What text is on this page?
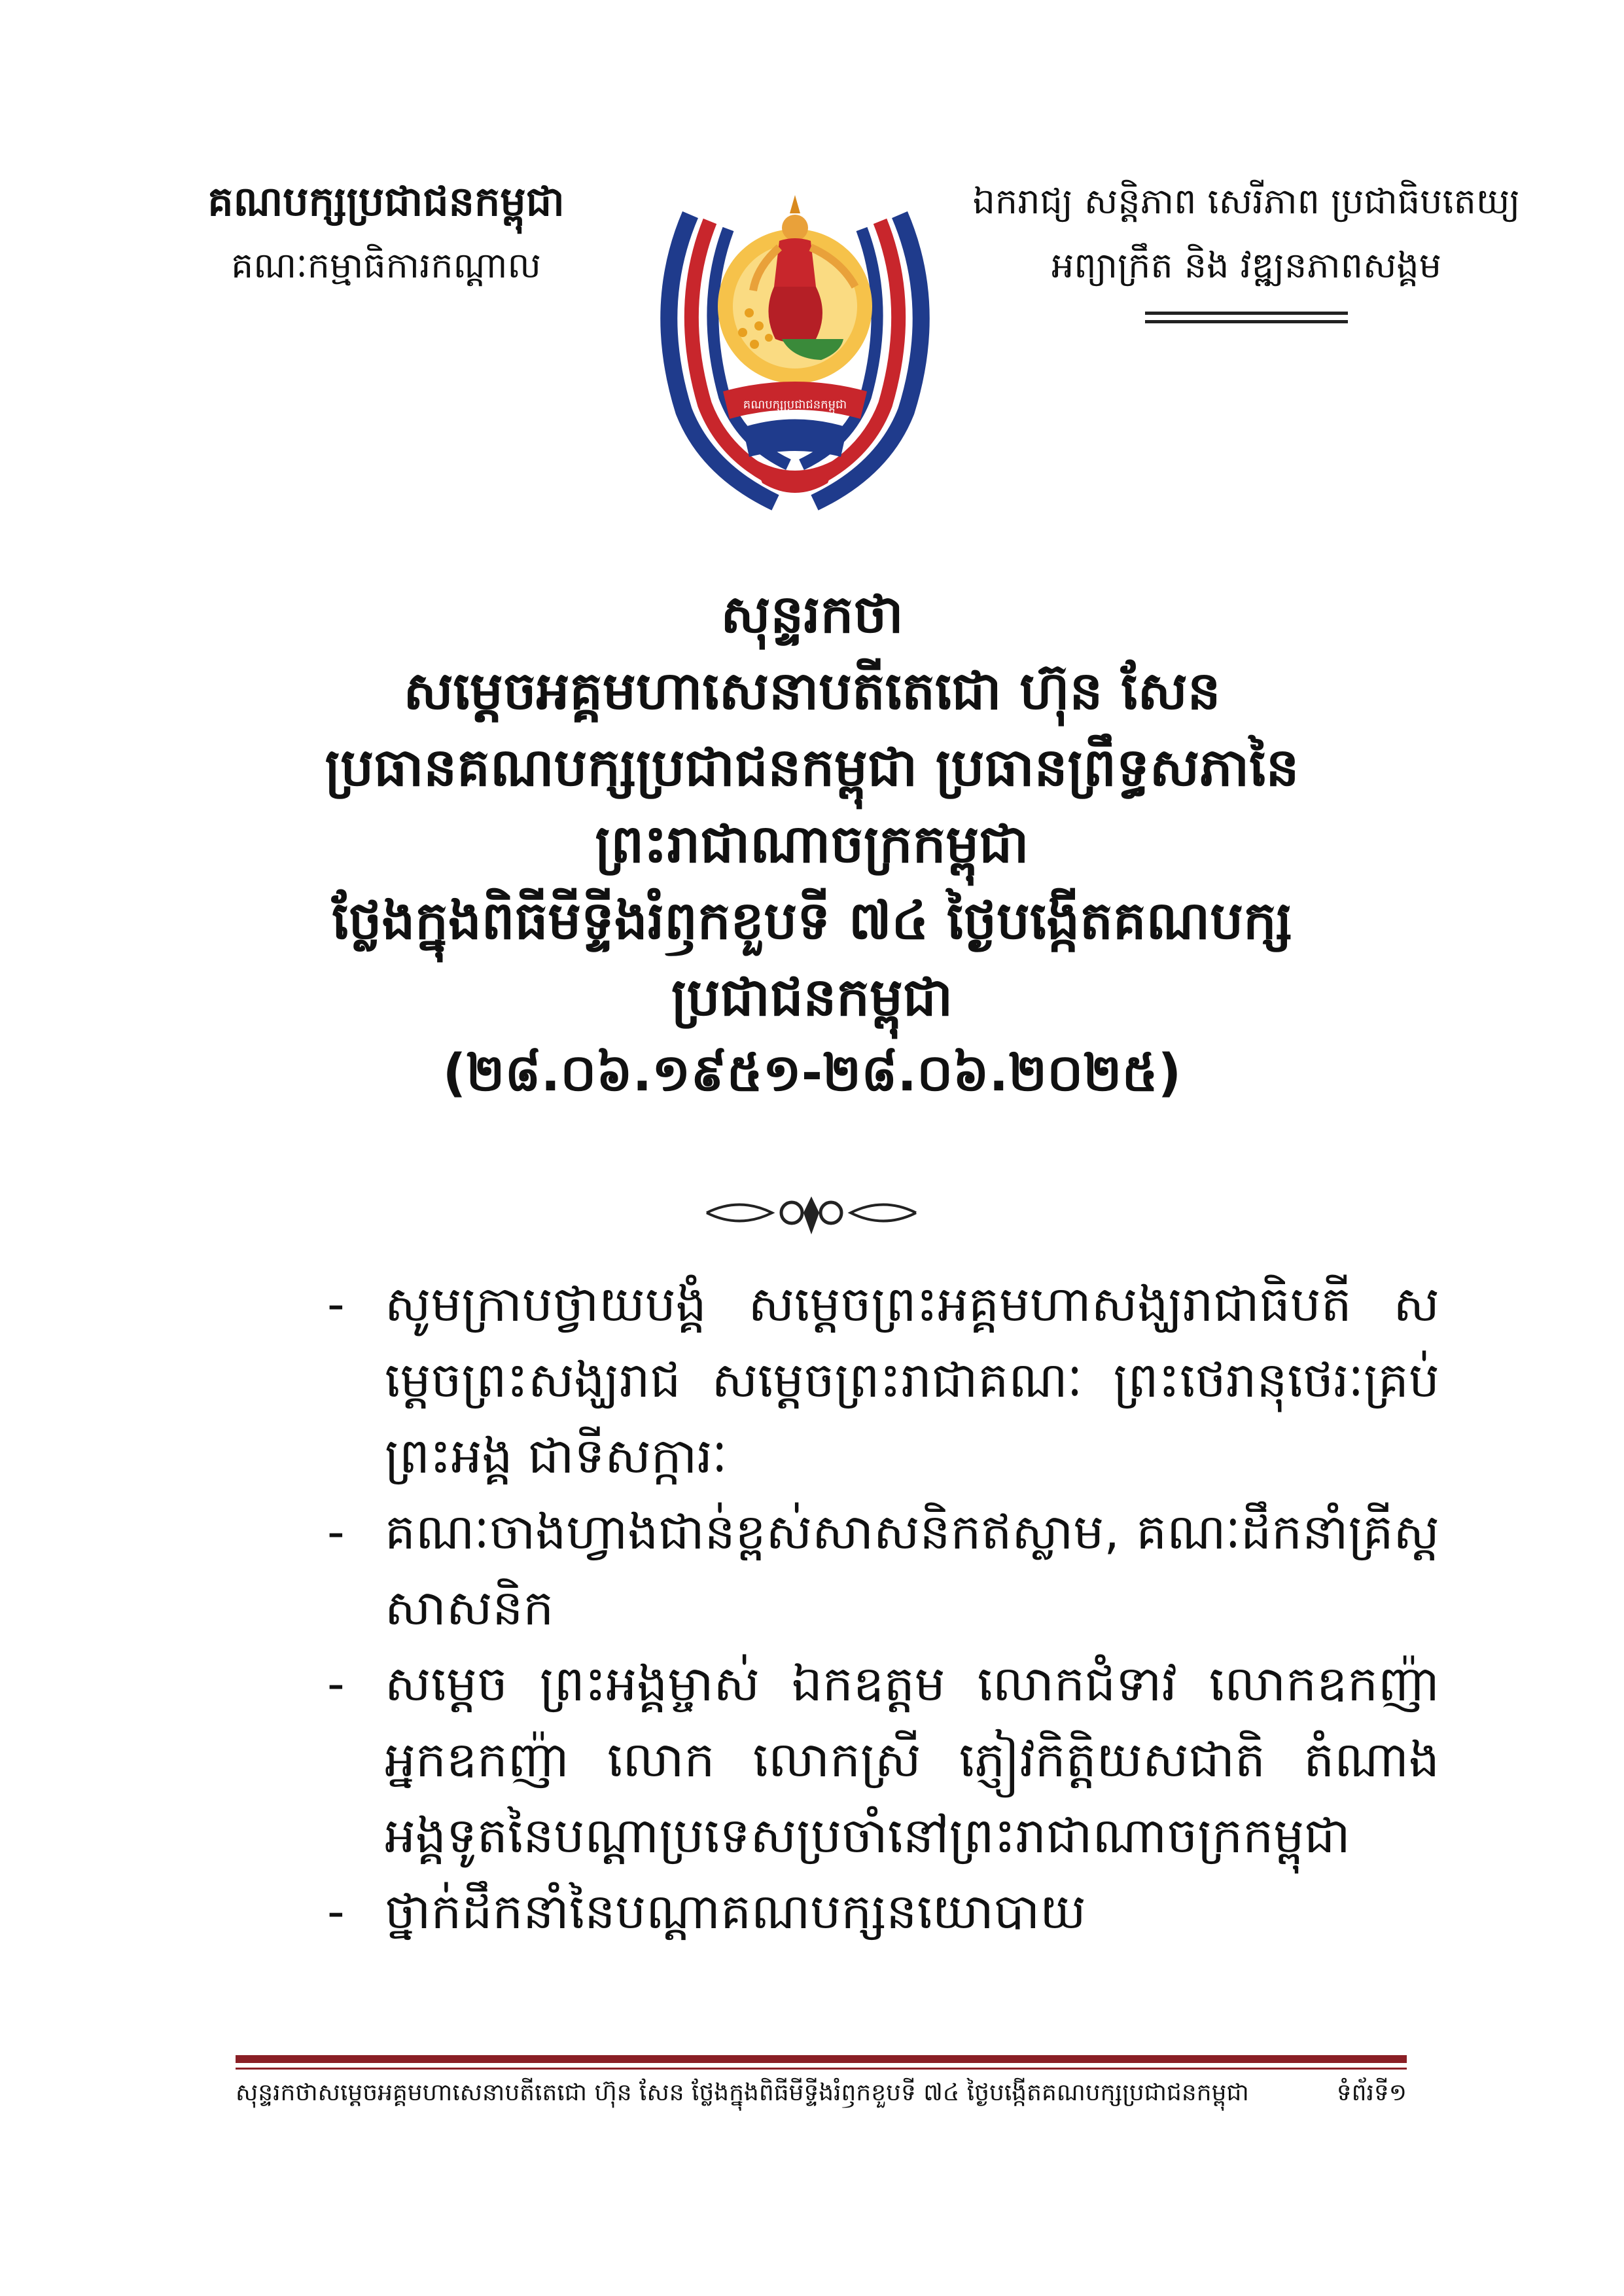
គណបក្សប្រជាជនកម្ពុជា
គណៈកម្មាធិការកណ្តាល
ឯករាជ្យ សន្តិភាព សេរីភាព ប្រជាធិបតេយ្យ
អព្យាក្រឹត និង វឌ្ឍនភាពសង្គម
គណបក្សប្រជាជនកម្ពុជា

សុន្ទរកថា

សម្តេចអគ្គមហាសេនាបតីតេជោ ហ៊ុន សែន

ប្រធានគណបក្សប្រជាជនកម្ពុជា ប្រធានព្រឹទ្ធសភានៃ

ព្រះរាជាណាចក្រកម្ពុជា

ថ្លែងក្នុងពិធីមីទ្ទីងរំឭកខួបទី ៧៤ ថ្ងៃបង្កើតគណបក្ស

ប្រជាជនកម្ពុជា

(២៨.០៦.១៩៥១-២៨.០៦.២០២៥)
- សូមក្រាបថ្វាយបង្គំ សម្តេចព្រះអគ្គមហាសង្ឃរាជាធិបតី សម្តេចព្រះសង្ឃរាជ សម្តេចព្រះរាជាគណៈ ព្រះថេរានុថេរៈគ្រប់ព្រះអង្គ ជាទីសក្ការៈ
- គណៈចាងហ្វាងជាន់ខ្ពស់សាសនិកឥស្លាម, គណៈដឹកនាំគ្រីស្ត សាសនិក
- សម្តេច ព្រះអង្គម្ចាស់ ឯកឧត្តម លោកជំទាវ លោកឧកញ៉ា អ្នកឧកញ៉ា លោក លោកស្រី ភ្ញៀវកិត្តិយសជាតិ តំណាងអង្គទូតនៃបណ្តាប្រទេសប្រចាំនៅព្រះរាជាណាចក្រកម្ពុជា
- ថ្នាក់ដឹកនាំនៃបណ្តាគណបក្សនយោបាយ
សុន្ទរកថាសម្តេចអគ្គមហាសេនាបតីតេជោ ហ៊ុន សែន ថ្លែងក្នុងពិធីមីទ្ទីងរំឭកខួបទី ៧៤ ថ្ងៃបង្កើតគណបក្សប្រជាជនកម្ពុជា	ទំព័រទី១
